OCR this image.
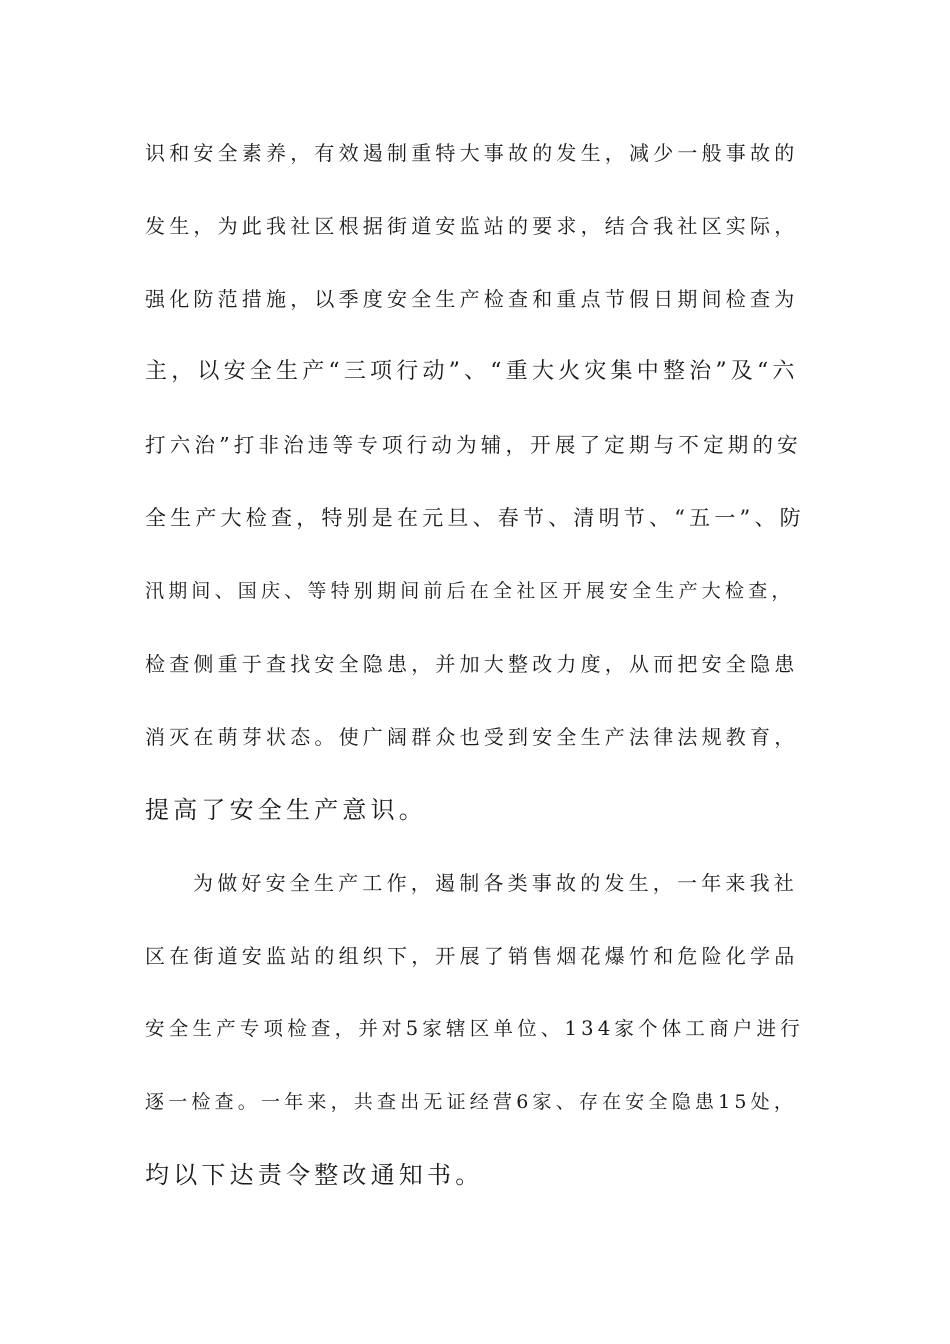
识和安全素养，有效遏制重特大事故的发生，减少一般事故的
发生，为此我社区根据街道安监站的要求，结合我社区实际，
强化防范措施，以季度安全生产检查和重点节假日期间检查为
主，以安全生产“三项行动”、“重大火灾集中整治”及“六
打六治”打非治违等专项行动为辅，开展了定期与不定期的安
全生产大检查，特别是在元旦、春节、清明节、“五一”、防
汛期间、国庆、等特别期间前后在全社区开展安全生产大检查，
检查侧重于查找安全隐患，并加大整改力度，从而把安全隐患
消灭在萌芽状态。使广阔群众也受到安全生产法律法规教育，
提高了安全生产意识。
为做好安全生产工作，遏制各类事故的发生，一年来我社
区在街道安监站的组织下，开展了销售烟花爆竹和危险化学品
安全生产专项检查，并对5家辖区单位、134家个体工商户进行
逐一检查。一年来，共查出无证经营6家、存在安全隐患15处，
均以下达责令整改通知书。
